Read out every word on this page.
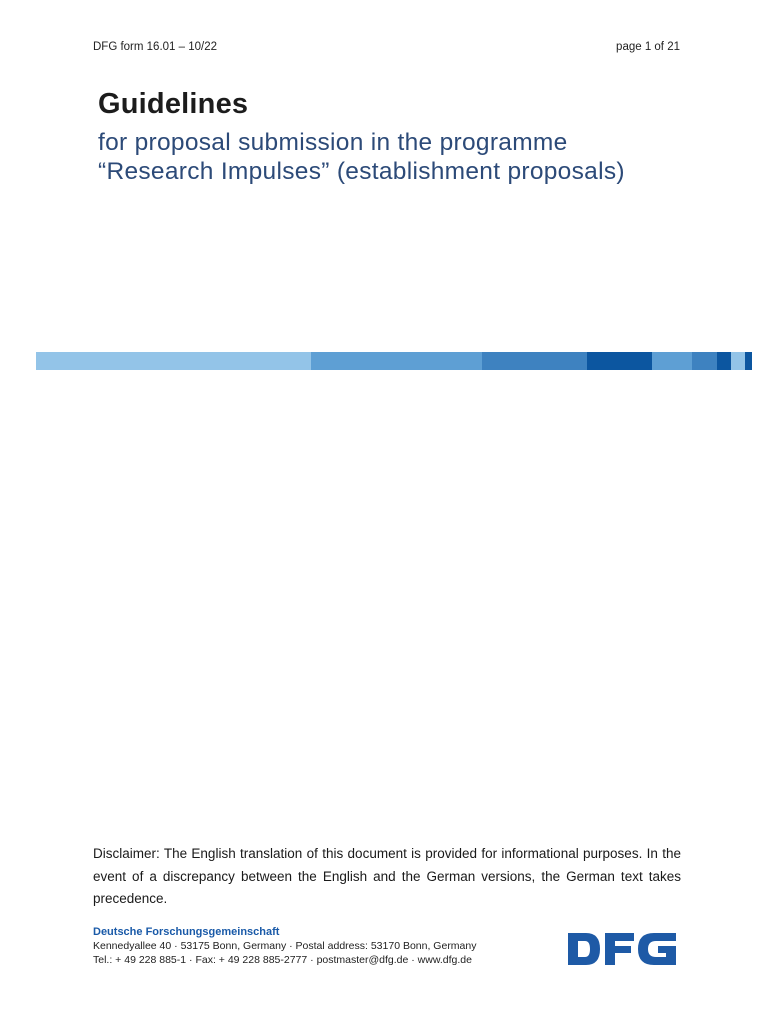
DFG form 16.01 – 10/22	page 1 of 21
Guidelines
for proposal submission in the programme
“Research Impulses” (establishment proposals)
Disclaimer: The English translation of this document is provided for informational purposes. In the event of a discrepancy between the English and the German versions, the German text takes precedence.
Deutsche Forschungsgemeinschaft
Kennedyallee 40 · 53175 Bonn, Germany · Postal address: 53170 Bonn, Germany
Tel.: + 49 228 885-1 · Fax: + 49 228 885-2777 · postmaster@dfg.de · www.dfg.de
